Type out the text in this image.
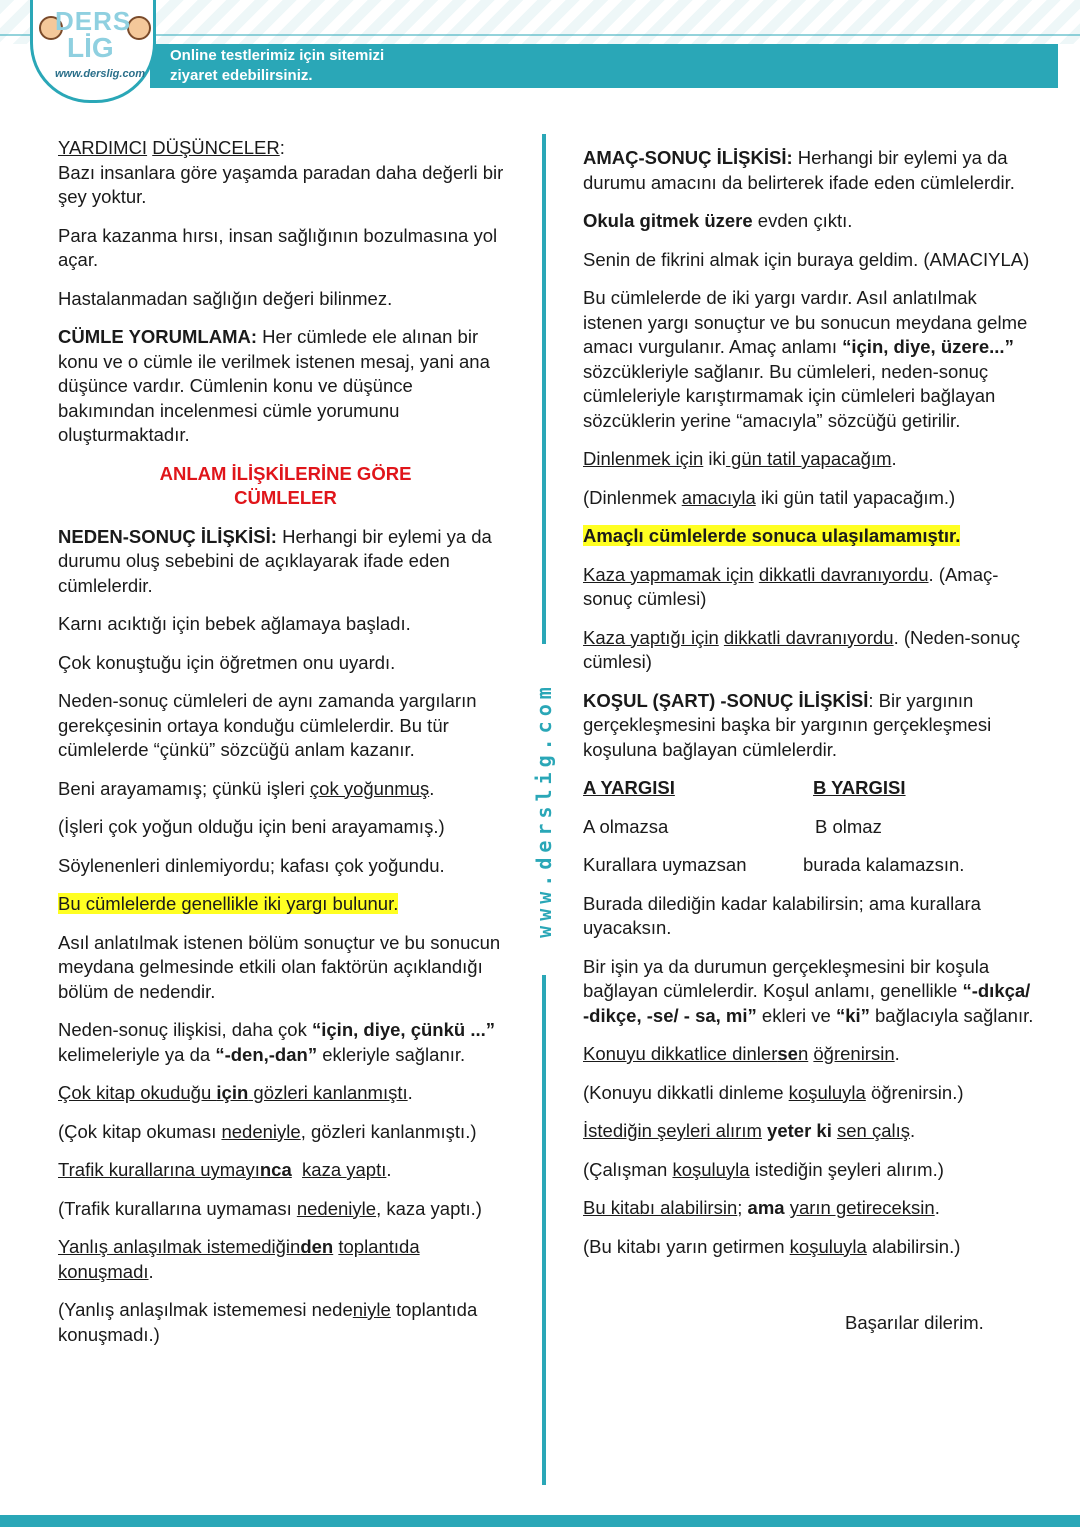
Online testlerimiz için sitemizi
ziyaret edebilirsiniz.
DERS
LİG
www.derslig.com
www.derslig.com

YARDIMCI DÜŞÜNCELER:
Bazı insanlara göre yaşamda paradan daha değerli bir şey yoktur.

Para kazanma hırsı, insan sağlığının bozulmasına yol açar.

Hastalanmadan sağlığın değeri bilinmez.

CÜMLE YORUMLAMA: Her cümlede ele alınan bir konu ve o cümle ile verilmek istenen mesaj, yani ana düşünce vardır. Cümlenin konu ve düşünce bakımından incelenmesi cümle yorumunu oluşturmaktadır.

ANLAM İLİŞKİLERİNE GÖRE
CÜMLELER

NEDEN-SONUÇ İLİŞKİSİ: Herhangi bir eylemi ya da durumu oluş sebebini de açıklayarak ifade eden cümlelerdir.

Karnı acıktığı için bebek ağlamaya başladı.

Çok konuştuğu için öğretmen onu uyardı.

Neden-sonuç cümleleri de aynı zamanda yargıların gerekçesinin ortaya konduğu cümlelerdir. Bu tür cümlelerde “çünkü” sözcüğü anlam kazanır.

Beni arayamamış; çünkü işleri çok yoğunmuş.

(İşleri çok yoğun olduğu için beni arayamamış.)

Söylenenleri dinlemiyordu; kafası çok yoğundu.

Bu cümlelerde genellikle iki yargı bulunur.

Asıl anlatılmak istenen bölüm sonuçtur ve bu sonucun meydana gelmesinde etkili olan faktörün açıklandığı bölüm de nedendir.

Neden-sonuç ilişkisi, daha çok “için, diye, çünkü ...” kelimeleriyle ya da “-den,-dan” ekleriyle sağlanır.

Çok kitap okuduğu için gözleri kanlanmıştı.

(Çok kitap okuması nedeniyle, gözleri kanlanmıştı.)

Trafik kurallarına uymayınca kaza yaptı.

(Trafik kurallarına uymaması nedeniyle, kaza yaptı.)

Yanlış anlaşılmak istemediğinden toplantıda konuşmadı.

(Yanlış anlaşılmak istememesi nedeniyle toplantıda konuşmadı.)

AMAÇ-SONUÇ İLİŞKİSİ: Herhangi bir eylemi ya da durumu amacını da belirterek ifade eden cümlelerdir.

Okula gitmek üzere evden çıktı.

Senin de fikrini almak için buraya geldim. (AMACIYLA)

Bu cümlelerde de iki yargı vardır. Asıl anlatılmak istenen yargı sonuçtur ve bu sonucun meydana gelme amacı vurgulanır. Amaç anlamı “için, diye, üzere...” sözcükleriyle sağlanır. Bu cümleleri, neden-sonuç cümleleriyle karıştırmamak için cümleleri bağlayan sözcüklerin yerine “amacıyla” sözcüğü getirilir.

Dinlenmek için iki gün tatil yapacağım.

(Dinlenmek amacıyla iki gün tatil yapacağım.)

Amaçlı cümlelerde sonuca ulaşılamamıştır.

Kaza yapmamak için dikkatli davranıyordu. (Amaç-sonuç cümlesi)

Kaza yaptığı için dikkatli davranıyordu. (Neden-sonuç cümlesi)

KOŞUL (ŞART) -SONUÇ İLİŞKİSİ: Bir yargının gerçekleşmesini başka bir yargının gerçekleşmesi koşuluna bağlayan cümlelerdir.

A YARGISI	B YARGISI

A olmazsa	B olmaz

Kurallara uymazsan	burada kalamazsın.

Burada dilediğin kadar kalabilirsin; ama kurallara uyacaksın.

Bir işin ya da durumun gerçekleşmesini bir koşula bağlayan cümlelerdir. Koşul anlamı, genellikle “-dıkça/ -dikçe, -se/ - sa, mi” ekleri ve “ki” bağlacıyla sağlanır.

Konuyu dikkatlice dinlersen öğrenirsin.

(Konuyu dikkatli dinleme koşuluyla öğrenirsin.)

İstediğin şeyleri alırım yeter ki sen çalış.

(Çalışman koşuluyla istediğin şeyleri alırım.)

Bu kitabı alabilirsin; ama yarın getireceksin.

(Bu kitabı yarın getirmen koşuluyla alabilirsin.)

Başarılar dilerim.
